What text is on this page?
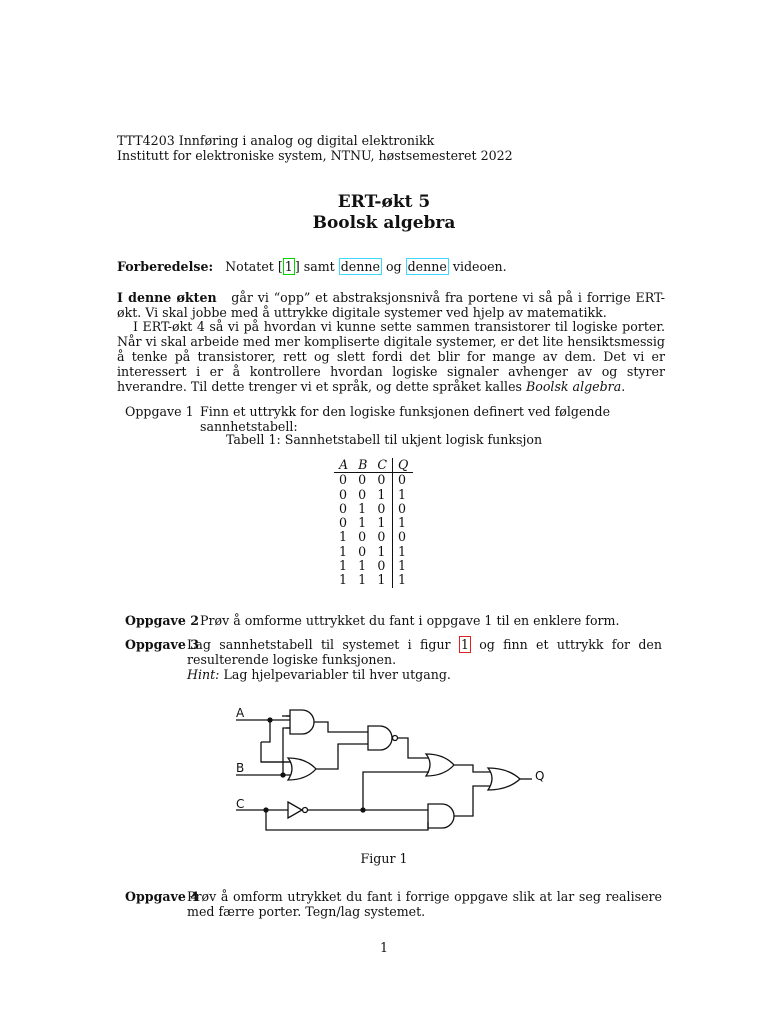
TTT4203 Innføring i analog og digital elektronikk
Institutt for elektroniske system, NTNU, høstsemesteret 2022
ERT-økt 5
Boolsk algebra
Forberedelse: Notatet [ 1 ] samt denne og denne videoen.
I denne økten går vi “opp” et abstraksjonsnivå fra portene vi så på i forrige ERT-økt. Vi skal jobbe med å uttrykke digitale systemer ved hjelp av matematikk.
I ERT-økt 4 så vi på hvordan vi kunne sette sammen transistorer til logiske porter. Når vi skal arbeide med mer kompliserte digitale systemer, er det lite hensiktsmessig å tenke på transistorer, rett og slett fordi det blir for mange av dem. Det vi er interessert i er å kontrollere hvordan logiske signaler avhenger av og styrer hverandre. Til dette trenger vi et språk, og dette språket kalles Boolsk algebra.
Oppgave 1 Finn et uttrykk for den logiske funksjonen definert ved følgende sannhetstabell:
Tabell 1: Sannhetstabell til ukjent logisk funksjon
A	B	C	Q
0	0	0	0
0	0	1	1
0	1	0	0
0	1	1	1
1	0	0	0
1	0	1	1
1	1	0	1
1	1	1	1
Oppgave 2 Prøv å omforme uttrykket du fant i oppgave 1 til en enklere form.
Oppgave 3
Lag sannhetstabell til systemet i figur 1 og finn et uttrykk for den resulterende logiske funksjonen.
Hint: Lag hjelpevariabler til hver utgang.
A
B
C
Q
Figur 1
Oppgave 4
Prøv å omform utrykket du fant i forrige oppgave slik at lar seg realisere med færre porter. Tegn/lag systemet.
1
